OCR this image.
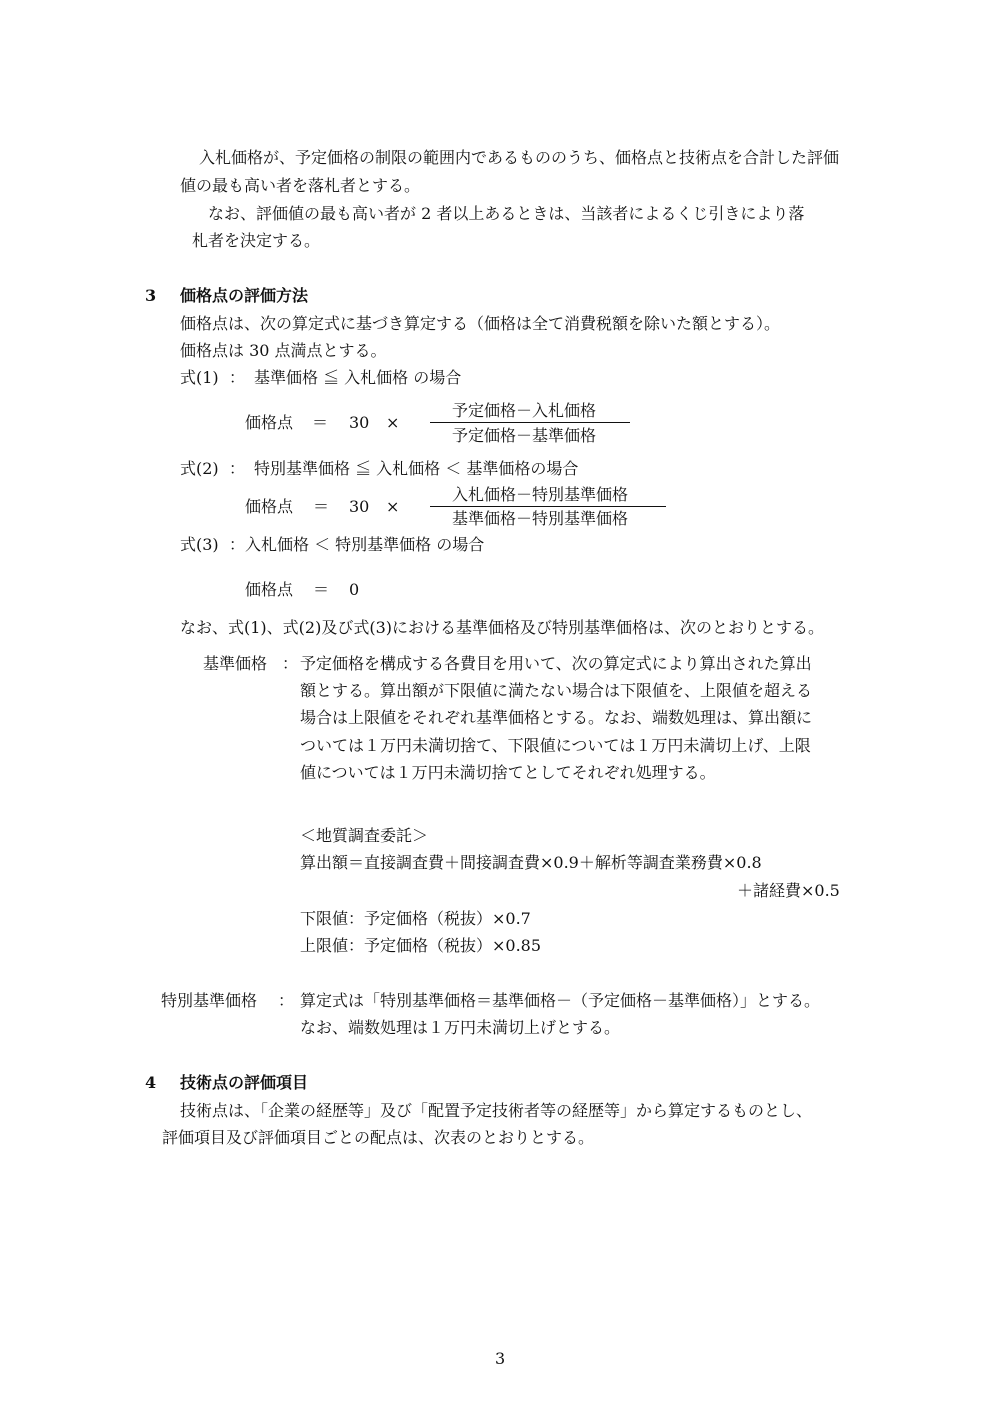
入札価格が、予定価格の制限の範囲内であるもののうち、価格点と技術点を合計した評価
値の最も高い者を落札者とする。
なお、評価値の最も高い者が 2 者以上あるときは、当該者によるくじ引きにより落
札者を決定する。
3 価格点の評価方法
価格点は、次の算定式に基づき算定する（価格は全て消費税額を除いた額とする）。
価格点は 30 点満点とする。
式(1) ： 基準価格 ≦ 入札価格 の場合
価格点 ＝ 30 ×
予定価格－入札価格
予定価格－基準価格
式(2) ： 特別基準価格 ≦ 入札価格 ＜ 基準価格の場合
価格点 ＝ 30 ×
入札価格－特別基準価格
基準価格－特別基準価格
式(3) ： 入札価格 ＜ 特別基準価格 の場合
価格点 ＝ 0
なお、式(1)、式(2)及び式(3)における基準価格及び特別基準価格は、次のとおりとする。
基準価格 ： 予定価格を構成する各費目を用いて、次の算定式により算出された算出
額とする。算出額が下限値に満たない場合は下限値を、上限値を超える
場合は上限値をそれぞれ基準価格とする。なお、端数処理は、算出額に
ついては１万円未満切捨て、下限値については１万円未満切上げ、上限
値については１万円未満切捨てとしてそれぞれ処理する。
＜地質調査委託＞
算出額＝直接調査費＋間接調査費×0.9＋解析等調査業務費×0.8
＋諸経費×0.5
下限値：予定価格（税抜）×0.7
上限値：予定価格（税抜）×0.85
特別基準価格 ： 算定式は「特別基準価格＝基準価格－（予定価格－基準価格）」とする。
なお、端数処理は１万円未満切上げとする。
4 技術点の評価項目
技術点は、「企業の経歴等」及び「配置予定技術者等の経歴等」から算定するものとし、
評価項目及び評価項目ごとの配点は、次表のとおりとする。
3
